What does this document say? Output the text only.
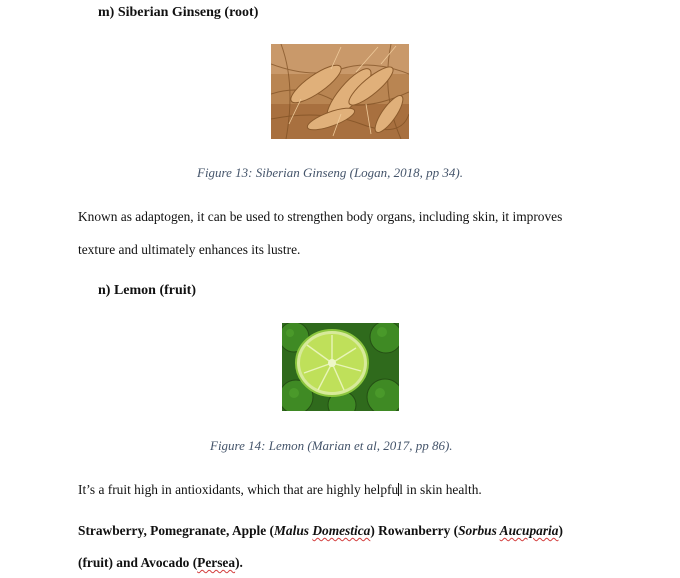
m) Siberian Ginseng (root)

Figure 13: Siberian Ginseng (Logan, 2018, pp 34).

Known as adaptogen, it can be used to strengthen body organs, including skin, it improves

texture and ultimately enhances its lustre.

n) Lemon (fruit)

Figure 14: Lemon (Marian et al, 2017, pp 86).

It’s a fruit high in antioxidants, which that are highly helpful in skin health.

Strawberry, Pomegranate, Apple (Malus Domestica) Rowanberry (Sorbus Aucuparia)

(fruit) and Avocado (Persea).
